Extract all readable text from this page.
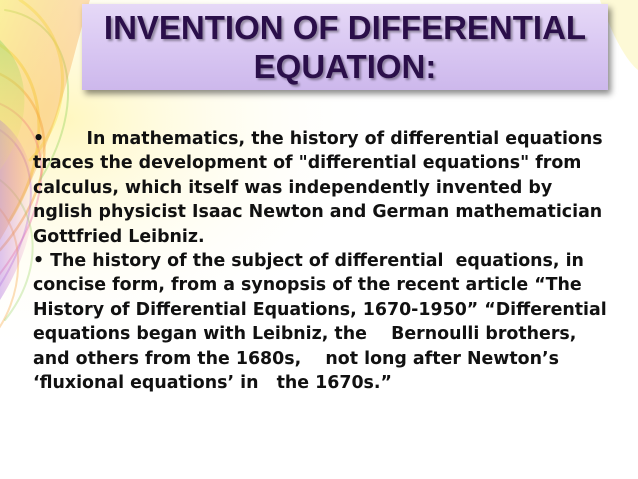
INVENTION OF DIFFERENTIAL
EQUATION:
•       In mathematics, the history of differential equations
traces the development of "differential equations" from
calculus, which itself was independently invented by
nglish physicist Isaac Newton and German mathematician
Gottfried Leibniz.
• The history of the subject of differential  equations, in
concise form, from a synopsis of the recent article “The
History of Differential Equations, 1670-1950” “Differential
equations began with Leibniz, the    Bernoulli brothers,
and others from the 1680s,    not long after Newton’s
‘fluxional equations’ in   the 1670s.”
